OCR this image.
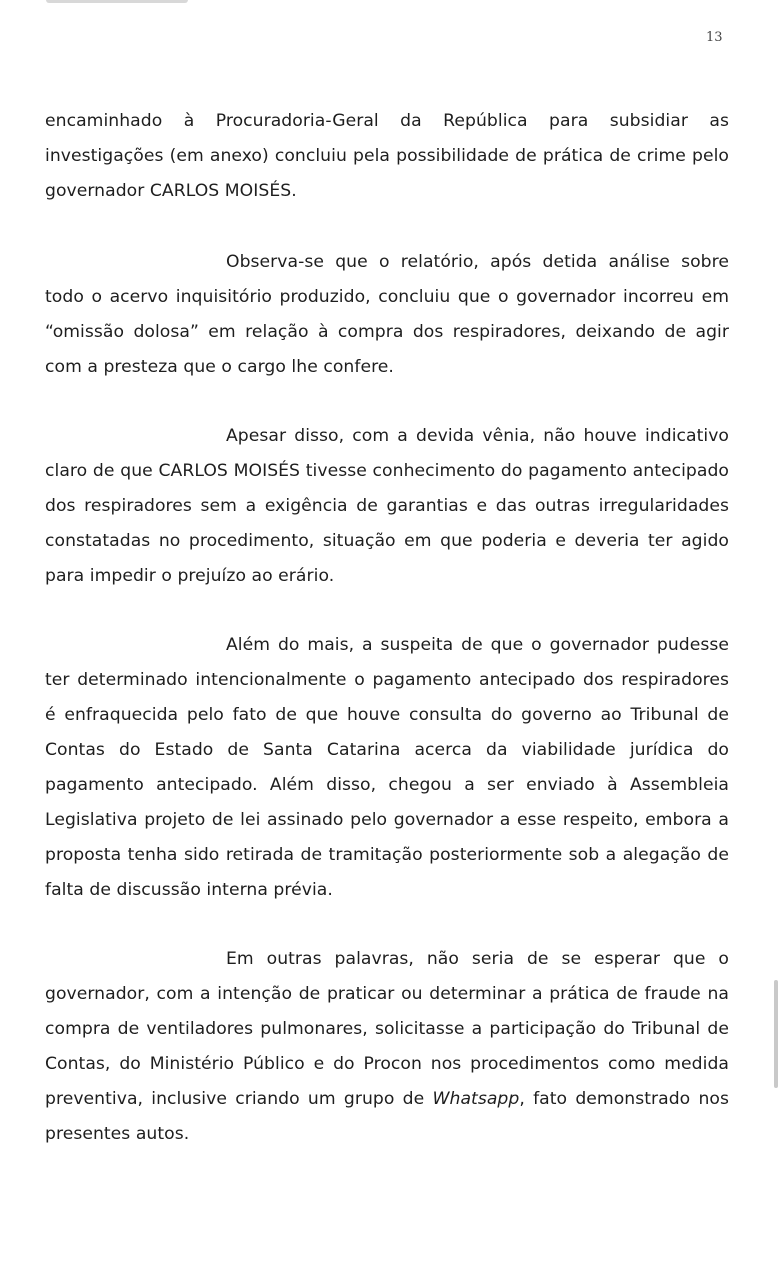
13

encaminhado à Procuradoria-Geral da República para subsidiar as investigações (em anexo) concluiu pela possibilidade de prática de crime pelo governador CARLOS MOISÉS.

Observa-se que o relatório, após detida análise sobre todo o acervo inquisitório produzido, concluiu que o governador incorreu em “omissão dolosa” em relação à compra dos respiradores, deixando de agir com a presteza que o cargo lhe confere.

Apesar disso, com a devida vênia, não houve indicativo claro de que CARLOS MOISÉS tivesse conhecimento do pagamento antecipado dos respiradores sem a exigência de garantias e das outras irregularidades constatadas no procedimento, situação em que poderia e deveria ter agido para impedir o prejuízo ao erário.

Além do mais, a suspeita de que o governador pudesse ter determinado intencionalmente o pagamento antecipado dos respiradores é enfraquecida pelo fato de que houve consulta do governo ao Tribunal de Contas do Estado de Santa Catarina acerca da viabilidade jurídica do pagamento antecipado. Além disso, chegou a ser enviado à Assembleia Legislativa projeto de lei assinado pelo governador a esse respeito, embora a proposta tenha sido retirada de tramitação posteriormente sob a alegação de falta de discussão interna prévia.

Em outras palavras, não seria de se esperar que o governador, com a intenção de praticar ou determinar a prática de fraude na compra de ventiladores pulmonares, solicitasse a participação do Tribunal de Contas, do Ministério Público e do Procon nos procedimentos como medida preventiva, inclusive criando um grupo de Whatsapp, fato demonstrado nos presentes autos.
